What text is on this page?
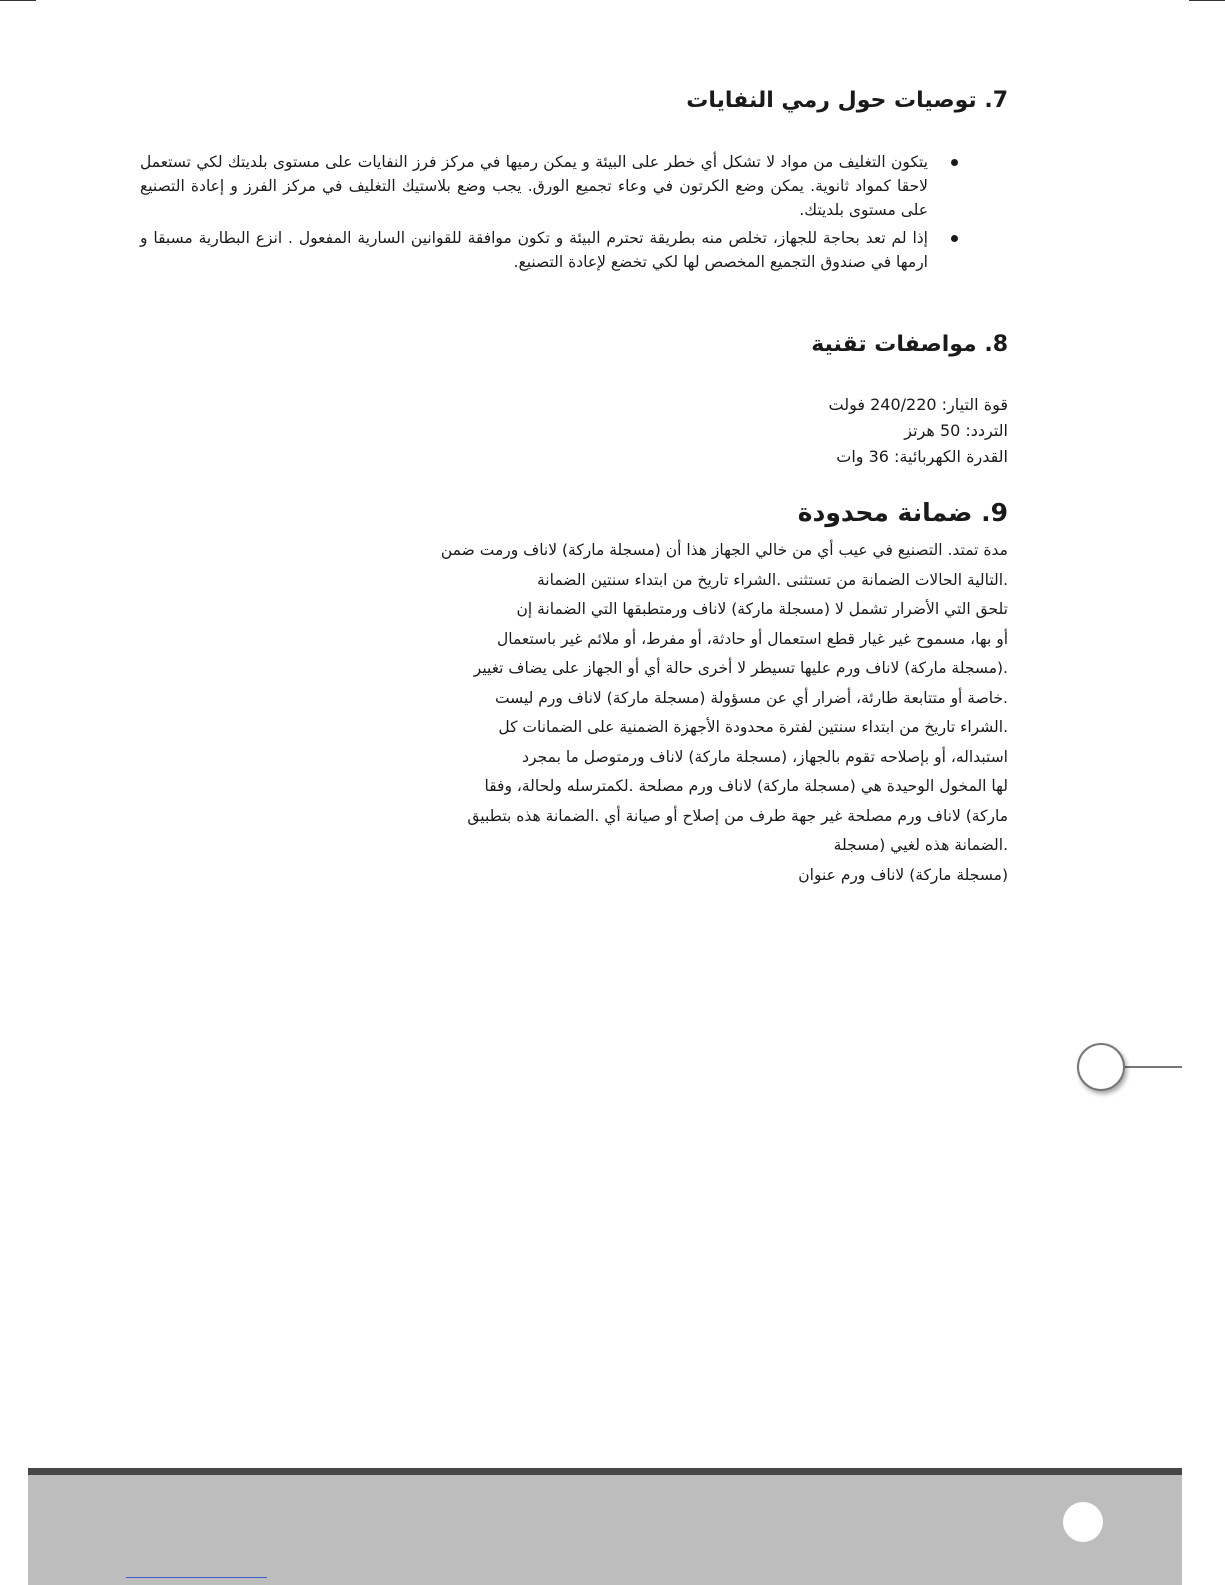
7. توصيات حول رمي النفايات
يتكون التغليف من مواد لا تشكل أي خطر على البيئة و يمكن رميها في مركز فرز النفايات على مستوى بلديتك لكي تستعمل لاحقا كمواد ثانوية. يمكن وضع الكرتون في وعاء تجميع الورق. يجب وضع بلاستيك التغليف في مركز الفرز و إعادة التصنيع على مستوى بلديتك.
إذا لم تعد بحاجة للجهاز، تخلص منه بطريقة تحترم البيئة و تكون موافقة للقوانين السارية المفعول . انزع البطارية مسبقا و ارمها في صندوق التجميع المخصص لها لكي تخضع لإعادة التصنيع.
8. مواصفات تقنية
قوة التيار: 240/220 فولت
التردد: 50 هرتز
القدرة الكهربائية: 36 وات
9. ضمانة محدودة

مدة تمتد. التصنيع في عيب أي من خالي الجهاز هذا أن (مسجلة ماركة) لاناف ورمت ضمن

.التالية الحالات الضمانة من تستثنى .الشراء تاريخ من ابتداء سنتين الضمانة

تلحق التي الأضرار تشمل لا (مسجلة ماركة) لاناف ورمتطبقها التي الضمانة إن

أو بها، مسموح غير غيار قطع استعمال أو حادثة، أو مفرط، أو ملائم غير باستعمال

.(مسجلة ماركة) لاناف ورم عليها تسيطر لا أخرى حالة أي أو الجهاز على يضاف تغيير

.خاصة أو متتابعة طارئة، أضرار أي عن مسؤولة (مسجلة ماركة) لاناف ورم ليست

.الشراء تاريخ من ابتداء سنتين لفترة محدودة الأجهزة الضمنية على الضمانات كل

استبداله، أو بإصلاحه تقوم بالجهاز، (مسجلة ماركة) لاناف ورمتوصل ما بمجرد

لها المخول الوحيدة هي (مسجلة ماركة) لاناف ورم مصلحة .لكمترسله ولحالة، وفقا

ماركة) لاناف ورم مصلحة غير جهة طرف من إصلاح أو صيانة أي .الضمانة هذه بتطبيق

.الضمانة هذه لغيي (مسجلة

(مسجلة ماركة) لاناف ورم عنوان
